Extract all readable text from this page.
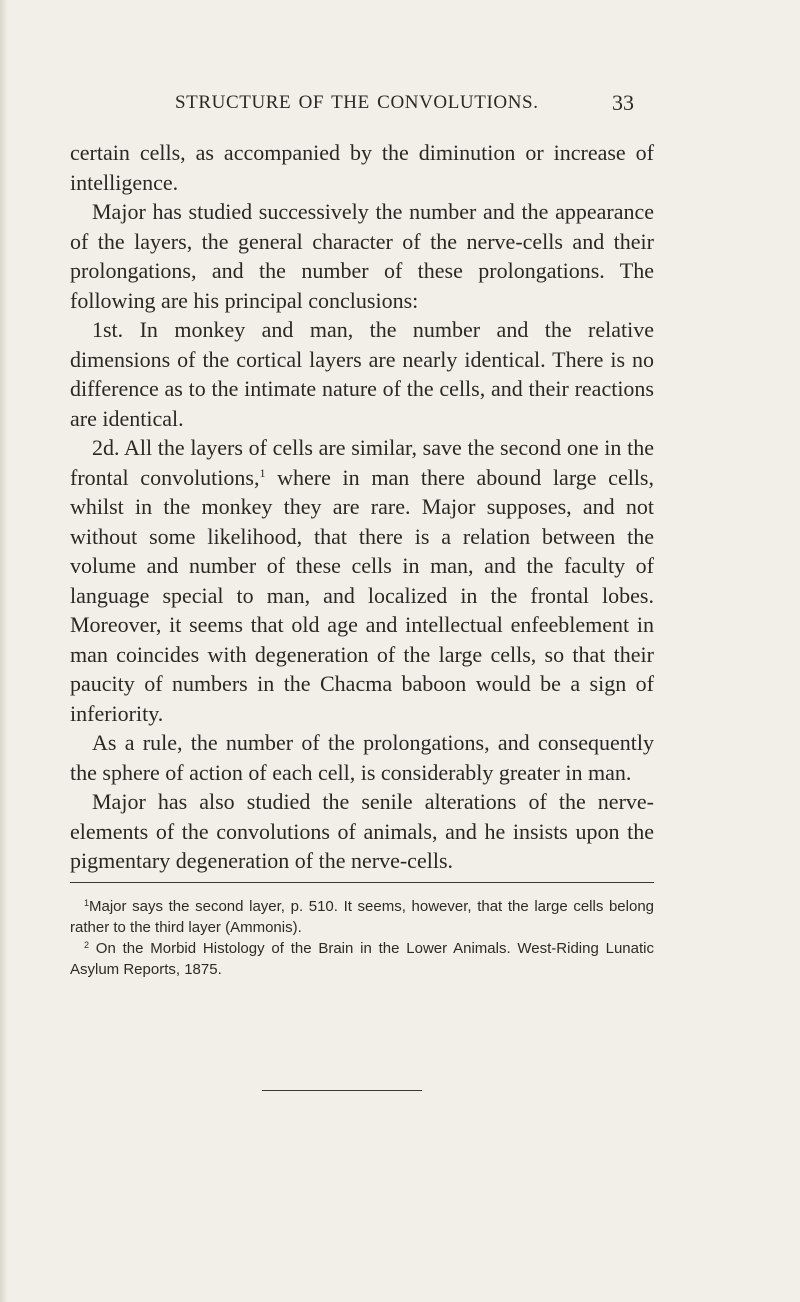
STRUCTURE OF THE CONVOLUTIONS.	33

certain cells, as accompanied by the diminution or increase of intelligence.

Major has studied successively the number and the appearance of the layers, the general character of the nerve-cells and their prolongations, and the number of these prolongations. The following are his principal conclusions:

1st. In monkey and man, the number and the relative dimensions of the cortical layers are nearly identical. There is no difference as to the intimate nature of the cells, and their reactions are identical.

2d. All the layers of cells are similar, save the second one in the frontal convolutions,$^1$ where in man there abound large cells, whilst in the monkey they are rare. Major supposes, and not without some likelihood, that there is a relation between the volume and number of these cells in man, and the faculty of language special to man, and localized in the frontal lobes. Moreover, it seems that old age and intellectual enfeeblement in man coincides with degeneration of the large cells, so that their paucity of numbers in the Chacma baboon would be a sign of inferiority.

As a rule, the number of the prolongations, and consequently the sphere of action of each cell, is considerably greater in man.

Major has also studied the senile alterations of the nerve-elements of the convolutions of animals, and he insists upon the pigmentary degeneration of the nerve-cells.

$^1$Major says the second layer, p. 510. It seems, however, that the large cells belong rather to the third layer (Ammonis).

$^2$ On the Morbid Histology of the Brain in the Lower Animals. West-Riding Lunatic Asylum Reports, 1875.
